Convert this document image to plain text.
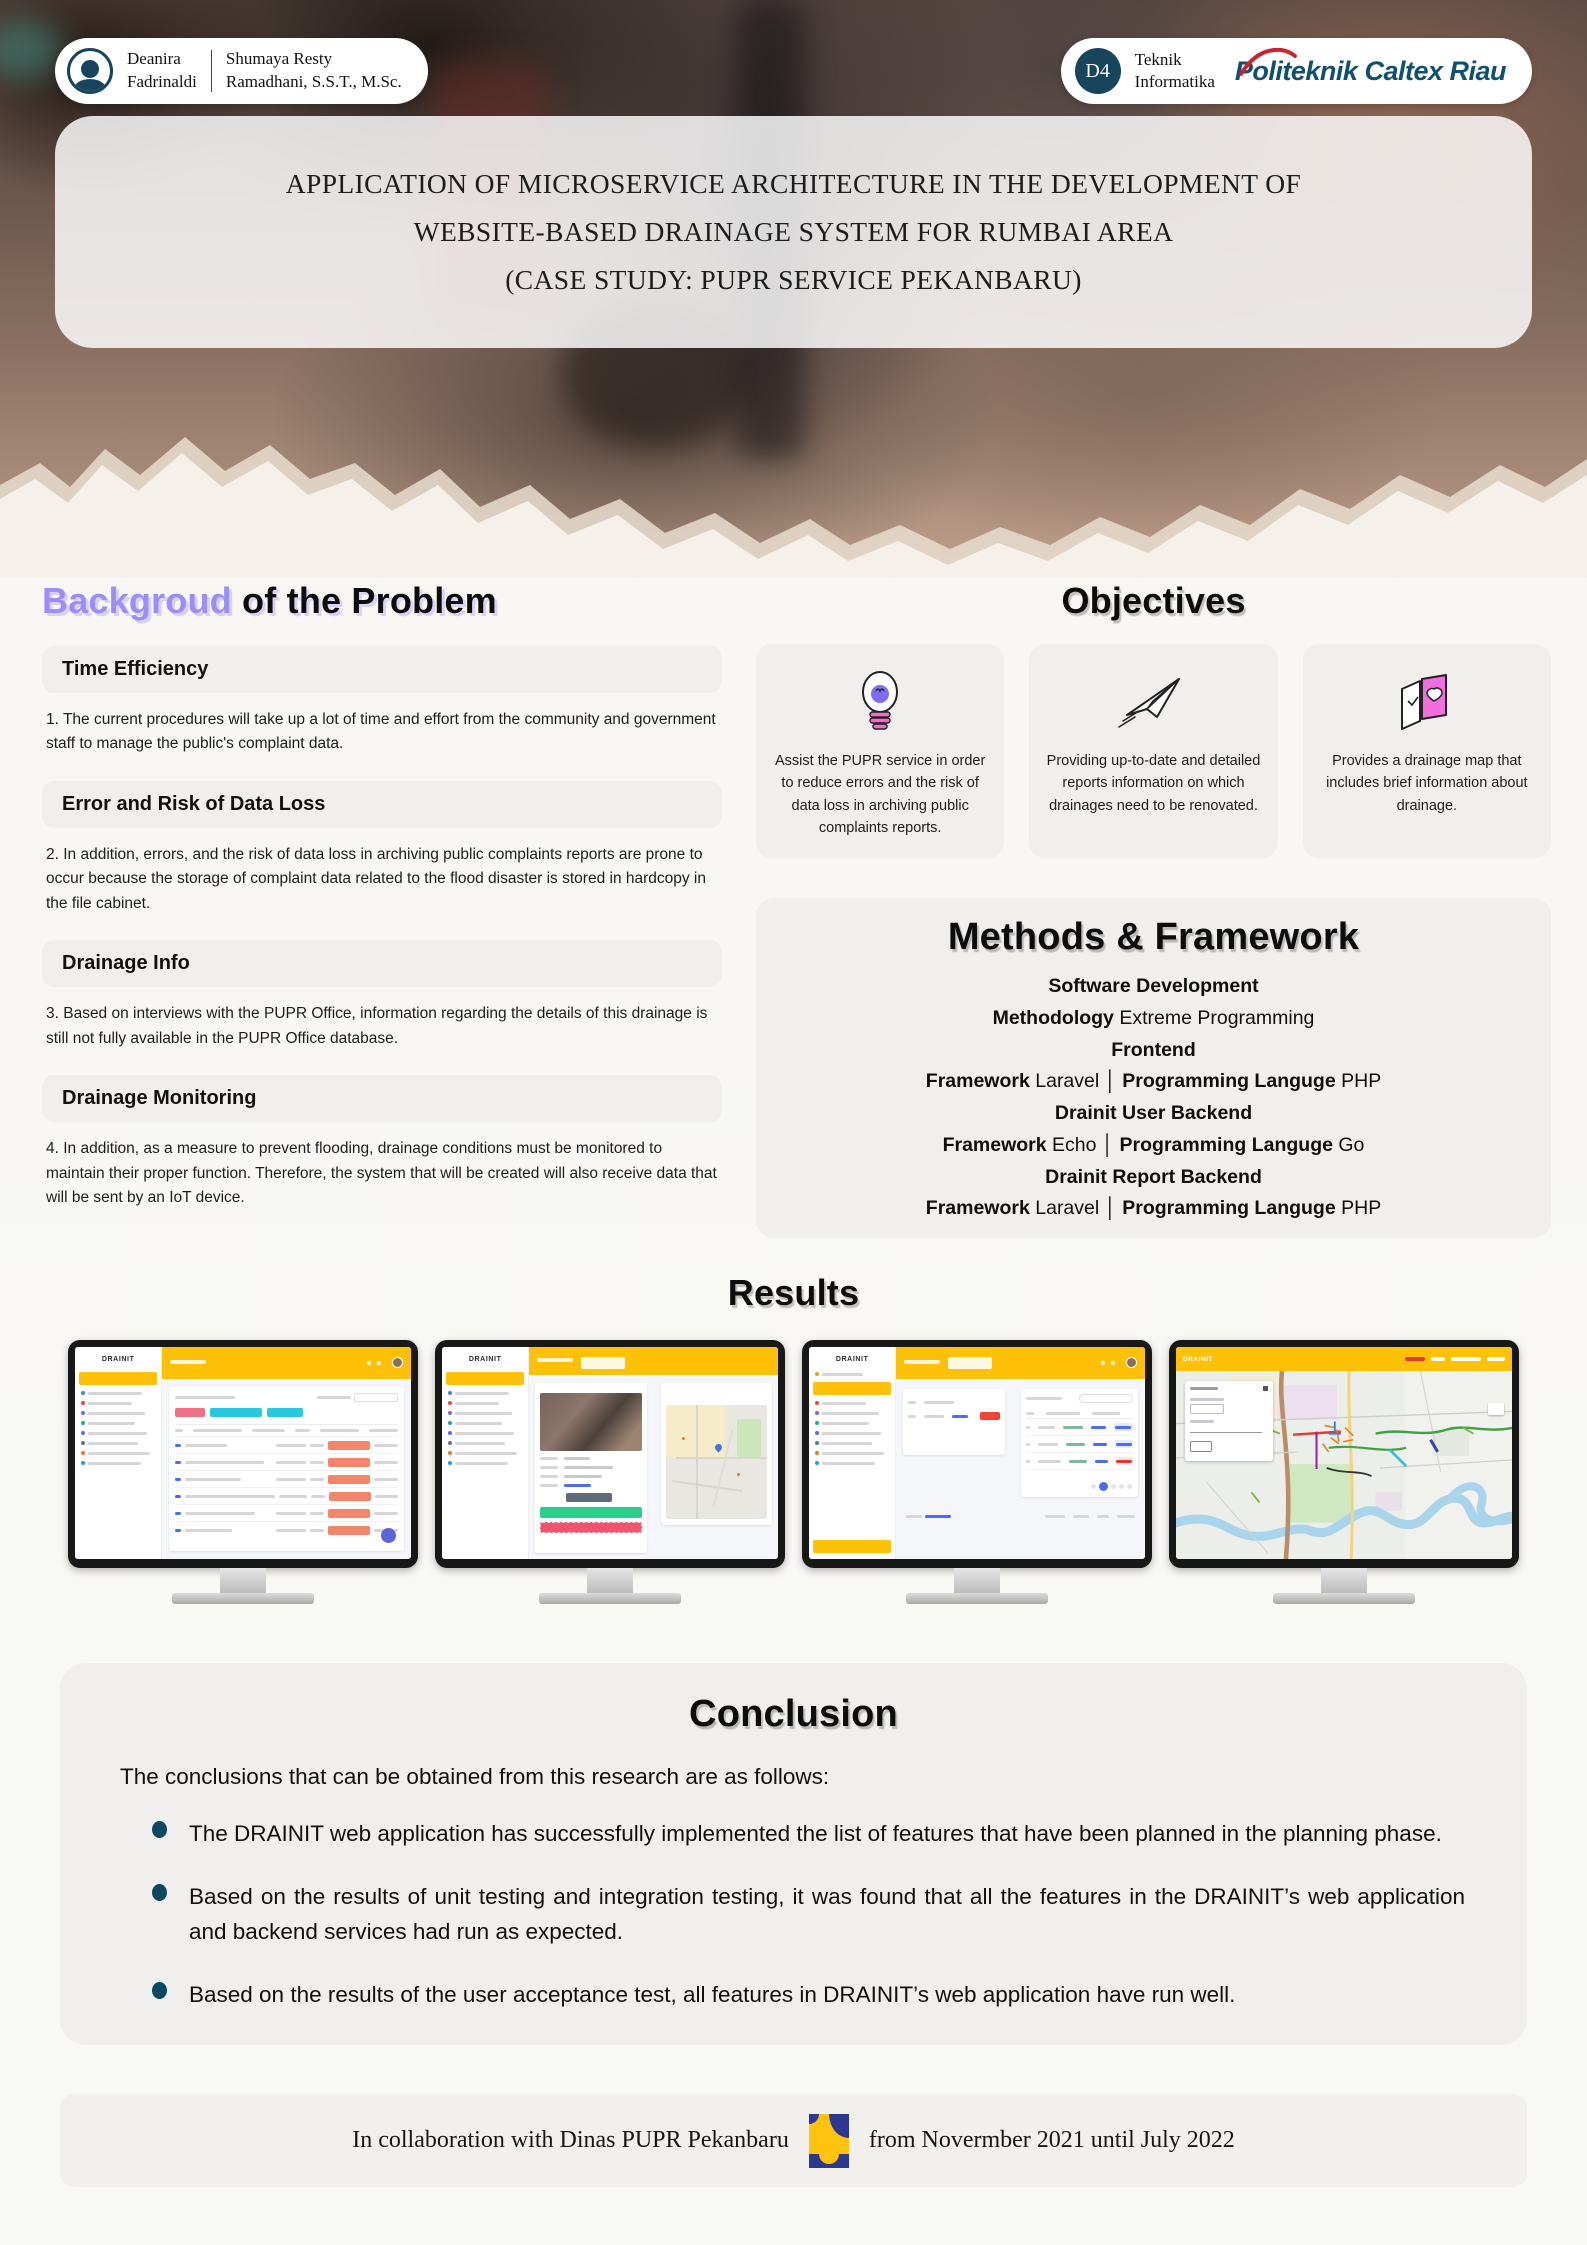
Deanira
Fadrinaldi
Shumaya Resty
Ramadhani, S.S.T., M.Sc.	D4
Teknik
Informatika Politeknik Caltex Riau
APPLICATION OF MICROSERVICE ARCHITECTURE IN THE DEVELOPMENT OF
WEBSITE-BASED DRAINAGE SYSTEM FOR RUMBAI AREA
(CASE STUDY: PUPR SERVICE PEKANBARU)
Backgroud of the Problem
Time Efficiency

1. The current procedures will take up a lot of time and effort from the community and government staff to manage the public's complaint data.

Error and Risk of Data Loss

2. In addition, errors, and the risk of data loss in archiving public complaints reports are prone to occur because the storage of complaint data related to the flood disaster is stored in hardcopy in the file cabinet.

Drainage Info

3. Based on interviews with the PUPR Office, information regarding the details of this drainage is still not fully available in the PUPR Office database.

Drainage Monitoring

4. In addition, as a measure to prevent flooding, drainage conditions must be monitored to maintain their proper function. Therefore, the system that will be created will also receive data that will be sent by an IoT device.

Objectives

Assist the PUPR service in order to reduce errors and the risk of data loss in archiving public complaints reports.

Providing up-to-date and detailed reports information on which drainages need to be renovated.

Provides a drainage map that includes brief information about drainage.

Methods & Framework
Software Development
Methodology Extreme Programming
Frontend
Framework Laravel │ Programming Languge PHP
Drainit User Backend
Framework Echo │ Programming Languge Go
Drainit Report Backend
Framework Laravel │ Programming Languge PHP
Results
DRAINIT	DRAINIT	DRAINIT	DRAINIT
Conclusion

The conclusions that can be obtained from this research are as follows:

The DRAINIT web application has successfully implemented the list of features that have been planned in the planning phase.
Based on the results of unit testing and integration testing, it was found that all the features in the DRAINIT’s web application and backend services had run as expected.
Based on the results of the user acceptance test, all features in DRAINIT’s web application have run well.
In collaboration with Dinas PUPR Pekanbaru	from Novermber 2021 until July 2022
